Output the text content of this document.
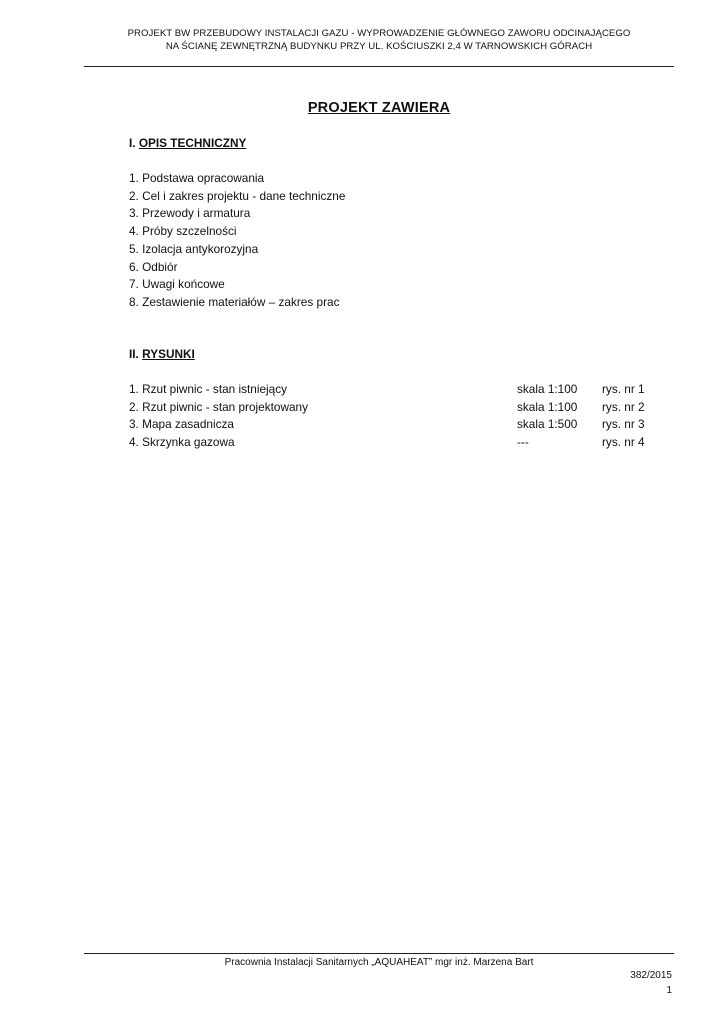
PROJEKT BW PRZEBUDOWY INSTALACJI GAZU - WYPROWADZENIE GŁÓWNEGO ZAWORU ODCINAJĄCEGO
NA ŚCIANĘ ZEWNĘTRZNĄ BUDYNKU PRZY UL. KOŚCIUSZKI 2,4 W TARNOWSKICH GÓRACH
PROJEKT ZAWIERA
I. OPIS TECHNICZNY
1. Podstawa opracowania
2. Cel i zakres projektu - dane techniczne
3. Przewody i armatura
4. Próby szczelności
5. Izolacja antykorozyjna
6. Odbiór
7. Uwagi końcowe
8. Zestawienie materiałów – zakres prac
II. RYSUNKI
1. Rzut piwnic - stan istniejący	skala 1:100 rys. nr 1
2. Rzut piwnic - stan projektowany	skala 1:100 rys. nr 2
3. Mapa zasadnicza	skala 1:500 rys. nr 3
4. Skrzynka gazowa	---	rys. nr 4
Pracownia Instalacji Sanitarnych „AQUAHEAT” mgr inż. Marzena Bart
382/2015
1
